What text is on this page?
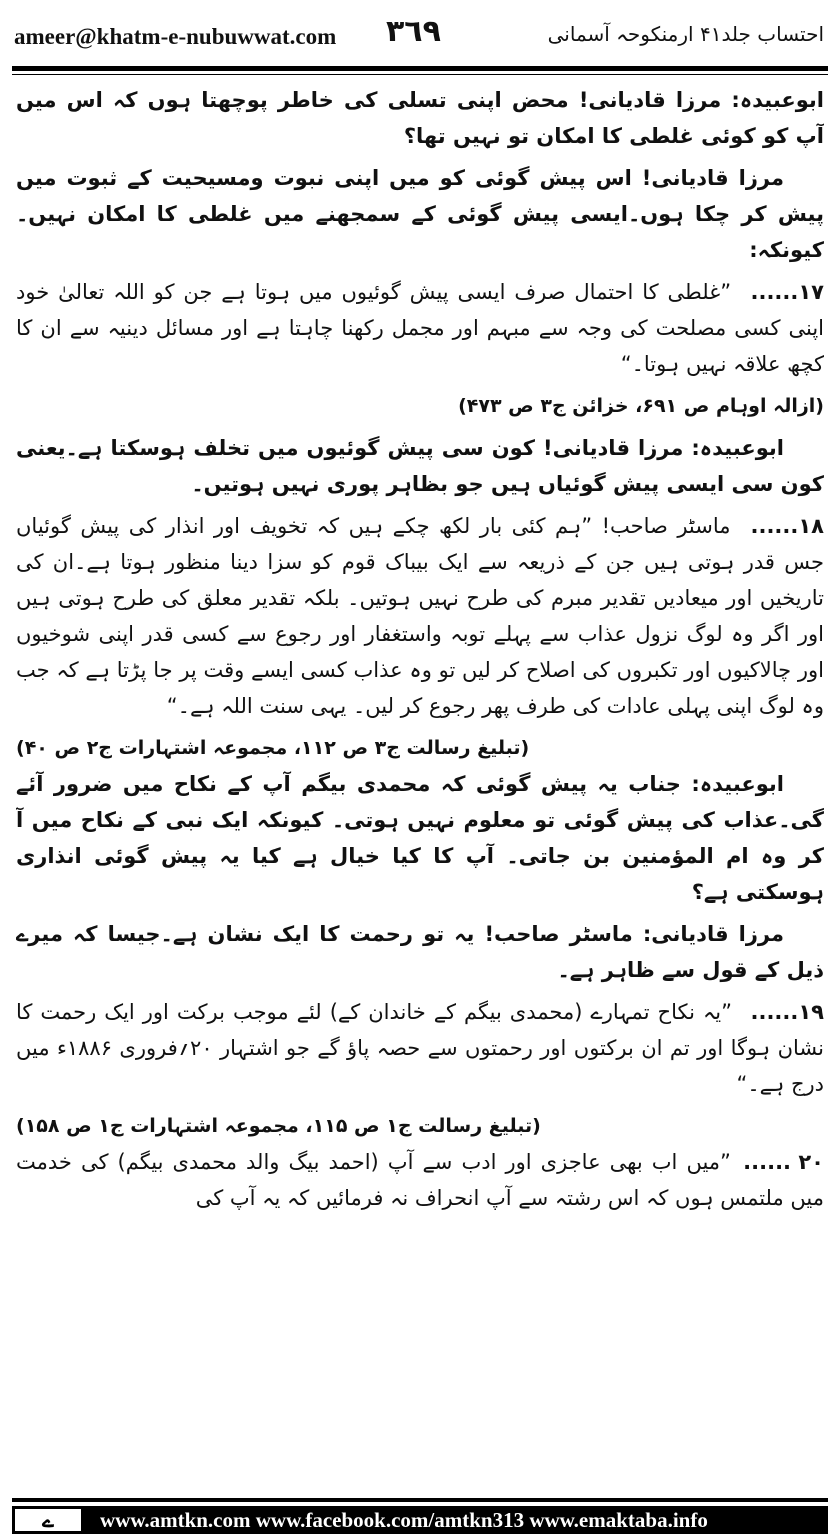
ameer@khatm-e-nubuwwat.com ٣٦٩	احتساب جلد۴۱ ارمنکوحہ آسمانی

ابوعبیدہ: مرزا قادیانی! محض اپنی تسلی کی خاطر پوچھتا ہوں کہ اس میں آپ کو کوئی غلطی کا امکان تو نہیں تھا؟

مرزا قادیانی! اس پیش گوئی کو میں اپنی نبوت ومسیحیت کے ثبوت میں پیش کر چکا ہوں۔ایسی پیش گوئی کے سمجھنے میں غلطی کا امکان نہیں۔ کیونکہ:

۱۷...... ”غلطی کا احتمال صرف ایسی پیش گوئیوں میں ہوتا ہے جن کو اللہ تعالیٰ خود اپنی کسی مصلحت کی وجہ سے مبہم اور مجمل رکھنا چاہتا ہے اور مسائل دینیہ سے ان کا کچھ علاقہ نہیں ہوتا۔“

(ازالہ اوہام ص ۶۹۱، خزائن ج۳ ص ۴۷۳)

ابوعبیدہ: مرزا قادیانی! کون سی پیش گوئیوں میں تخلف ہوسکتا ہے۔یعنی کون سی ایسی پیش گوئیاں ہیں جو بظاہر پوری نہیں ہوتیں۔

۱۸...... ماسٹر صاحب! ”ہم کئی بار لکھ چکے ہیں کہ تخویف اور انذار کی پیش گوئیاں جس قدر ہوتی ہیں جن کے ذریعہ سے ایک بیباک قوم کو سزا دینا منظور ہوتا ہے۔ان کی تاریخیں اور میعادیں تقدیر مبرم کی طرح نہیں ہوتیں۔ بلکہ تقدیر معلق کی طرح ہوتی ہیں اور اگر وہ لوگ نزول عذاب سے پہلے توبہ واستغفار اور رجوع سے کسی قدر اپنی شوخیوں اور چالاکیوں اور تکبروں کی اصلاح کر لیں تو وہ عذاب کسی ایسے وقت پر جا پڑتا ہے کہ جب وہ لوگ اپنی پہلی عادات کی طرف پھر رجوع کر لیں۔ یہی سنت اللہ ہے۔“

(تبلیغ رسالت ج۳ ص ۱۱۲، مجموعہ اشتہارات ج۲ ص ۴۰)

ابوعبیدہ: جناب یہ پیش گوئی کہ محمدی بیگم آپ کے نکاح میں ضرور آئے گی۔عذاب کی پیش گوئی تو معلوم نہیں ہوتی۔ کیونکہ ایک نبی کے نکاح میں آ کر وہ ام المؤمنین بن جاتی۔ آپ کا کیا خیال ہے کیا یہ پیش گوئی انذاری ہوسکتی ہے؟

مرزا قادیانی: ماسٹر صاحب! یہ تو رحمت کا ایک نشان ہے۔جیسا کہ میرے ذیل کے قول سے ظاہر ہے۔

۱۹...... ”یہ نکاح تمہارے (محمدی بیگم کے خاندان کے) لئے موجب برکت اور ایک رحمت کا نشان ہوگا اور تم ان برکتوں اور رحمتوں سے حصہ پاؤ گے جو اشتہار ۲۰؍فروری ۱۸۸۶ء میں درج ہے۔“

(تبلیغ رسالت ج۱ ص ۱۱۵، مجموعہ اشتہارات ج۱ ص ۱۵۸)

۲۰ ...... ”میں اب بھی عاجزی اور ادب سے آپ (احمد بیگ والد محمدی بیگم) کی خدمت میں ملتمس ہوں کہ اس رشتہ سے آپ انحراف نہ فرمائیں کہ یہ آپ کی

ے	www.amtkn.com www.facebook.com/amtkn313 www.emaktaba.info
